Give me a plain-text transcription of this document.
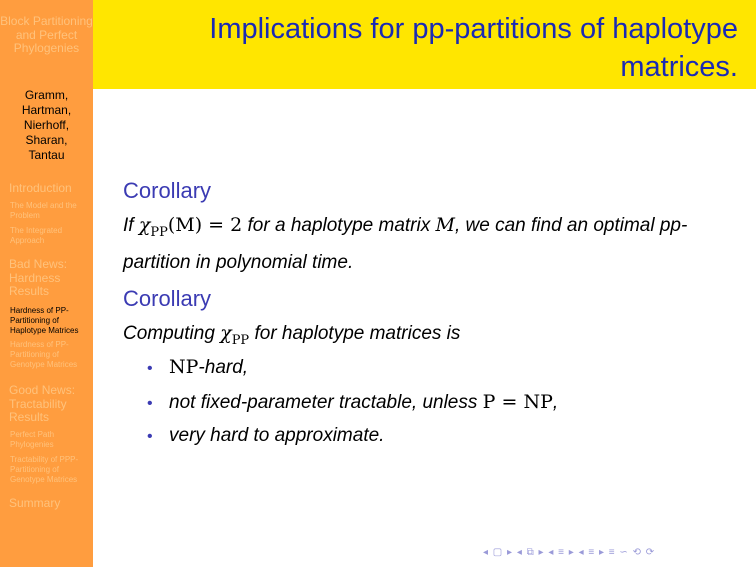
Block Partitioning and Perfect Phylogenies
Gramm,
Hartman,
Nierhoff,
Sharan,
Tantau
Introduction
The Model and the Problem
The Integrated Approach
Bad News: Hardness Results
Hardness of PP-Partitioning of Haplotype Matrices
Hardness of PP-Partitioning of Genotype Matrices
Good News: Tractability Results
Perfect Path Phylogenies
Tractability of PPP-Partitioning of Genotype Matrices
Summary
Implications for pp-partitions of haplotype matrices.
Corollary
If $\chi_{PP}(M) = 2$ for a haplotype matrix M, we can find an optimal pp-partition in polynomial time.
Corollary
Computing $\chi_{PP}$ for haplotype matrices is
• NP-hard,
• not fixed-parameter tractable, unless P = NP,
• very hard to approximate.
◂ ▢ ▸ ◂ ⧉ ▸ ◂ ≡ ▸ ◂ ≡ ▸ ≡ ∽ ⟲ ⟳
